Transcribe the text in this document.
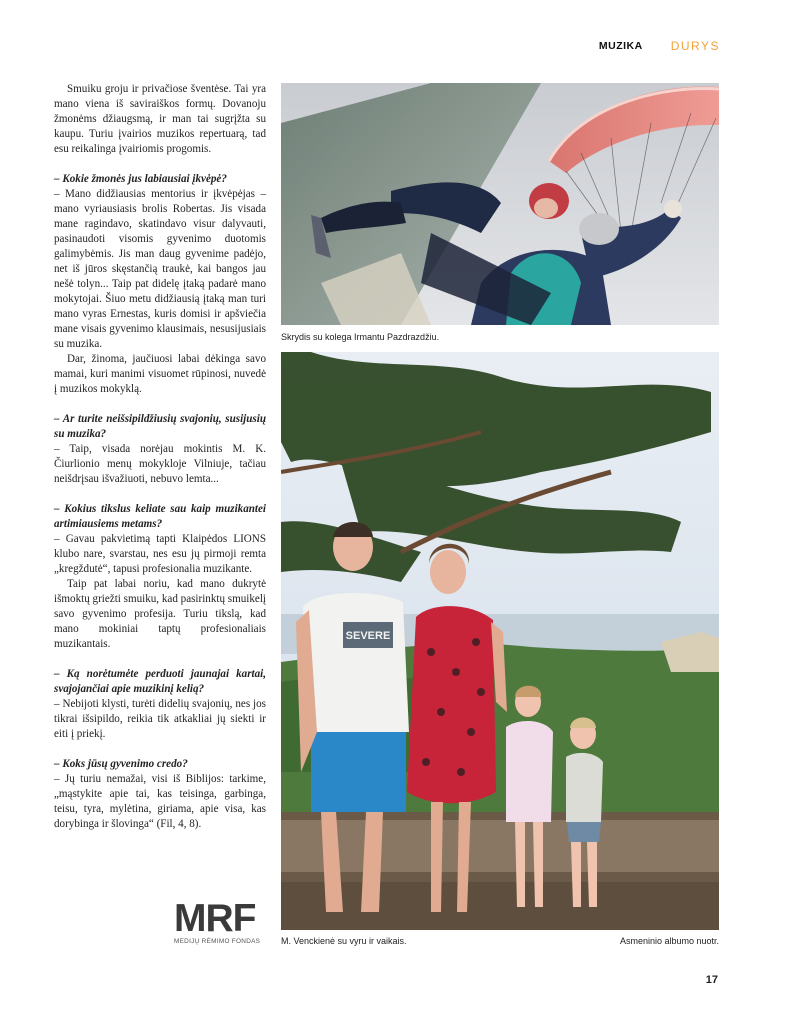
MUZIKA DURYS

Smuiku groju ir privačiose šventėse. Tai yra mano viena iš saviraiškos formų. Dovanoju žmonėms džiaugsmą, ir man tai sugrįžta su kaupu. Turiu įvairios muzikos repertuarą, tad esu reikalinga įvairiomis progomis.

– Kokie žmonės jus labiausiai įkvėpė?

– Mano didžiausias mentorius ir įkvėpėjas – mano vyriausiasis brolis Robertas. Jis visada mane ragindavo, skatindavo visur dalyvauti, pasinaudoti visomis gyvenimo duotomis galimybėmis. Jis man daug gyvenime padėjo, net iš jūros skęstančią traukė, kai bangos jau nešė tolyn... Taip pat didelę įtaką padarė mano mokytojai. Šiuo metu didžiausią įtaką man turi mano vyras Ernestas, kuris domisi ir apšviečia mane visais gyvenimo klausimais, nesusijusiais su muzika.

Dar, žinoma, jaučiuosi labai dėkinga savo mamai, kuri manimi visuomet rūpinosi, nuvedė į muzikos mokyklą.

– Ar turite neišsipildžiusių svajonių, susijusių su muzika?

– Taip, visada norėjau mokintis M. K. Čiurlionio menų mokykloje Vilniuje, tačiau neišdrįsau išvažiuoti, nebuvo lemta...

– Kokius tikslus keliate sau kaip muzikantei artimiausiems metams?

– Gavau pakvietimą tapti Klaipėdos LIONS klubo nare, svarstau, nes esu jų pirmoji remta „kregždutė“, tapusi profesionalia muzikante.

Taip pat labai noriu, kad mano dukrytė išmoktų griežti smuiku, kad pasirinktų smuikelį savo gyvenimo profesija. Turiu tikslą, kad mano mokiniai taptų profesionaliais muzikantais.

– Ką norėtumėte perduoti jaunajai kartai, svajojančiai apie muzikinį kelią?

– Nebijoti klysti, turėti didelių svajonių, nes jos tikrai išsipildo, reikia tik atkakliai jų siekti ir eiti į priekį.

– Koks jūsų gyvenimo credo?

– Jų turiu nemažai, visi iš Biblijos: tarkime, „mąstykite apie tai, kas teisinga, garbinga, teisu, tyra, mylėtina, giriama, apie visa, kas dorybinga ir šlovinga“ (Fil, 4, 8).

Skrydis su kolega Irmantu Pazdrazdžiu.
SEVERE
M. Venckienė su vyru ir vaikais.	Asmeninio albumo nuotr.
MRF
MEDIJŲ RĖMIMO FONDAS
17
